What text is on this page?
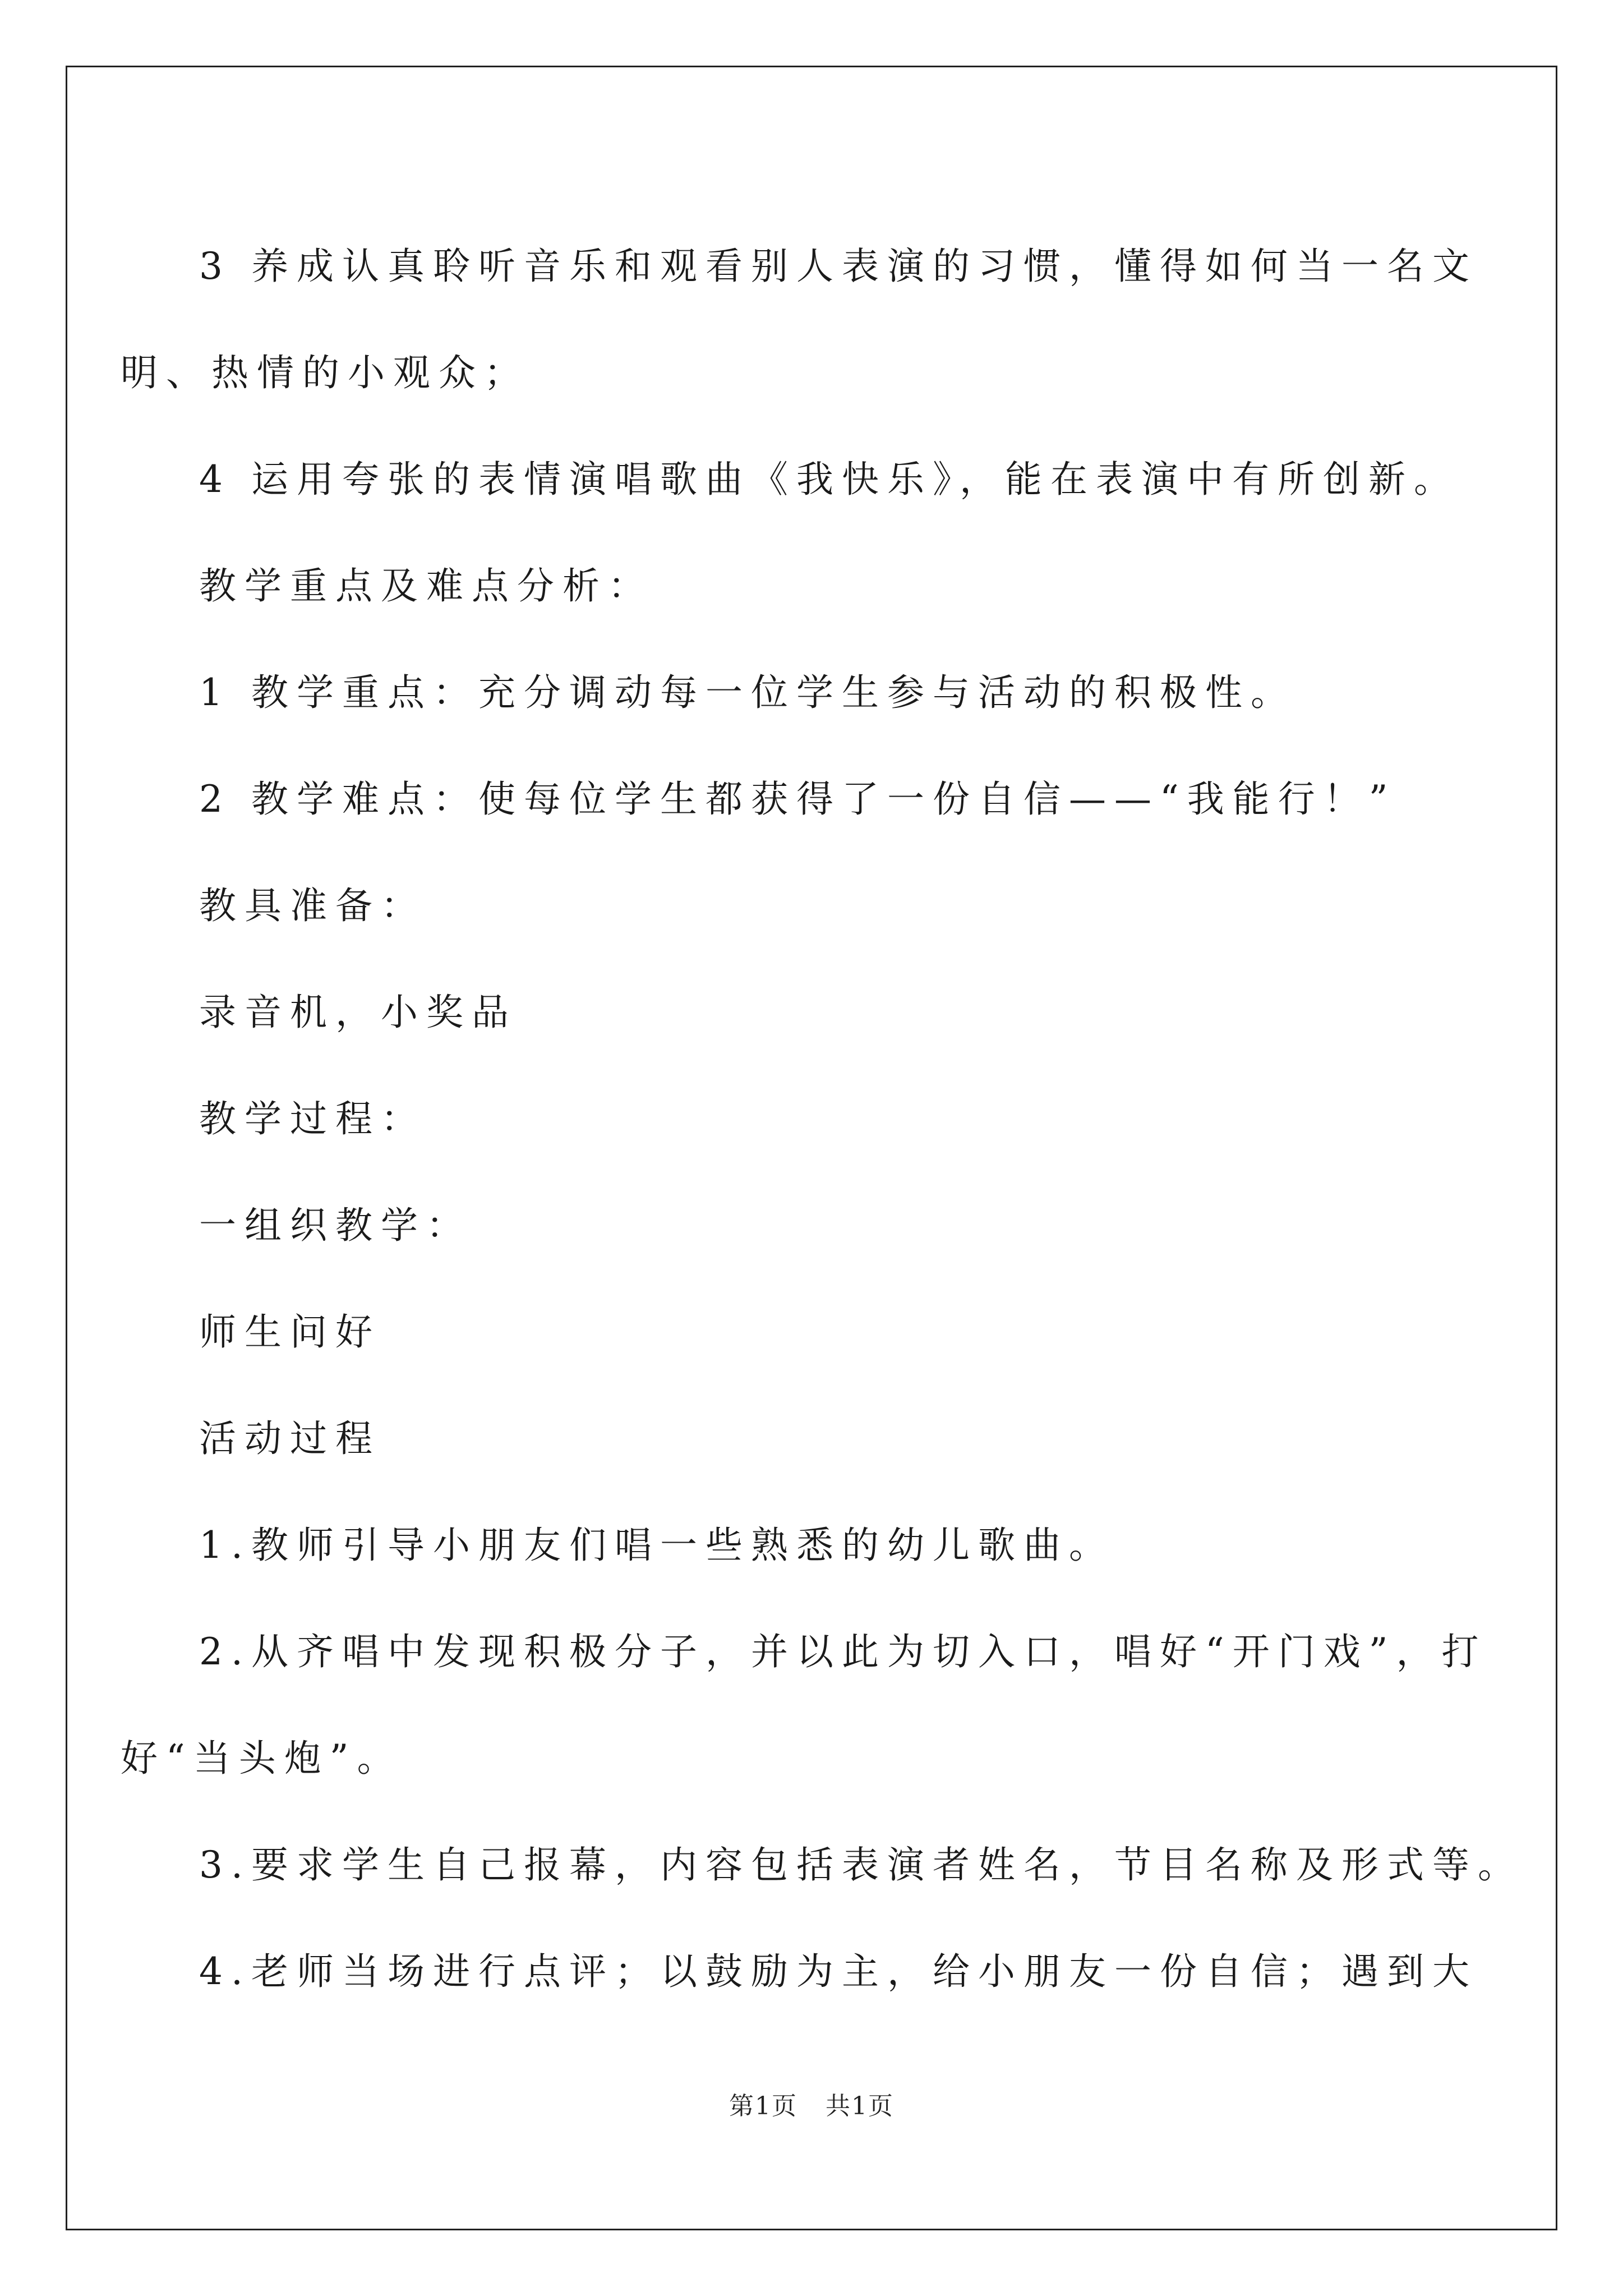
3 养成认真聆听音乐和观看别人表演的习惯，懂得如何当一名文

明、热情的小观众；

4 运用夸张的表情演唱歌曲《我快乐》，能在表演中有所创新。

教学重点及难点分析：

1 教学重点：充分调动每一位学生参与活动的积极性。

2 教学难点：使每位学生都获得了一份自信——“我能行！”

教具准备：

录音机，小奖品

教学过程：

一组织教学：

师生问好

活动过程

1.教师引导小朋友们唱一些熟悉的幼儿歌曲。

2.从齐唱中发现积极分子，并以此为切入口，唱好“开门戏”，打

好“当头炮”。

3.要求学生自己报幕，内容包括表演者姓名，节目名称及形式等。

4.老师当场进行点评；以鼓励为主，给小朋友一份自信；遇到大

第1页 共1页
